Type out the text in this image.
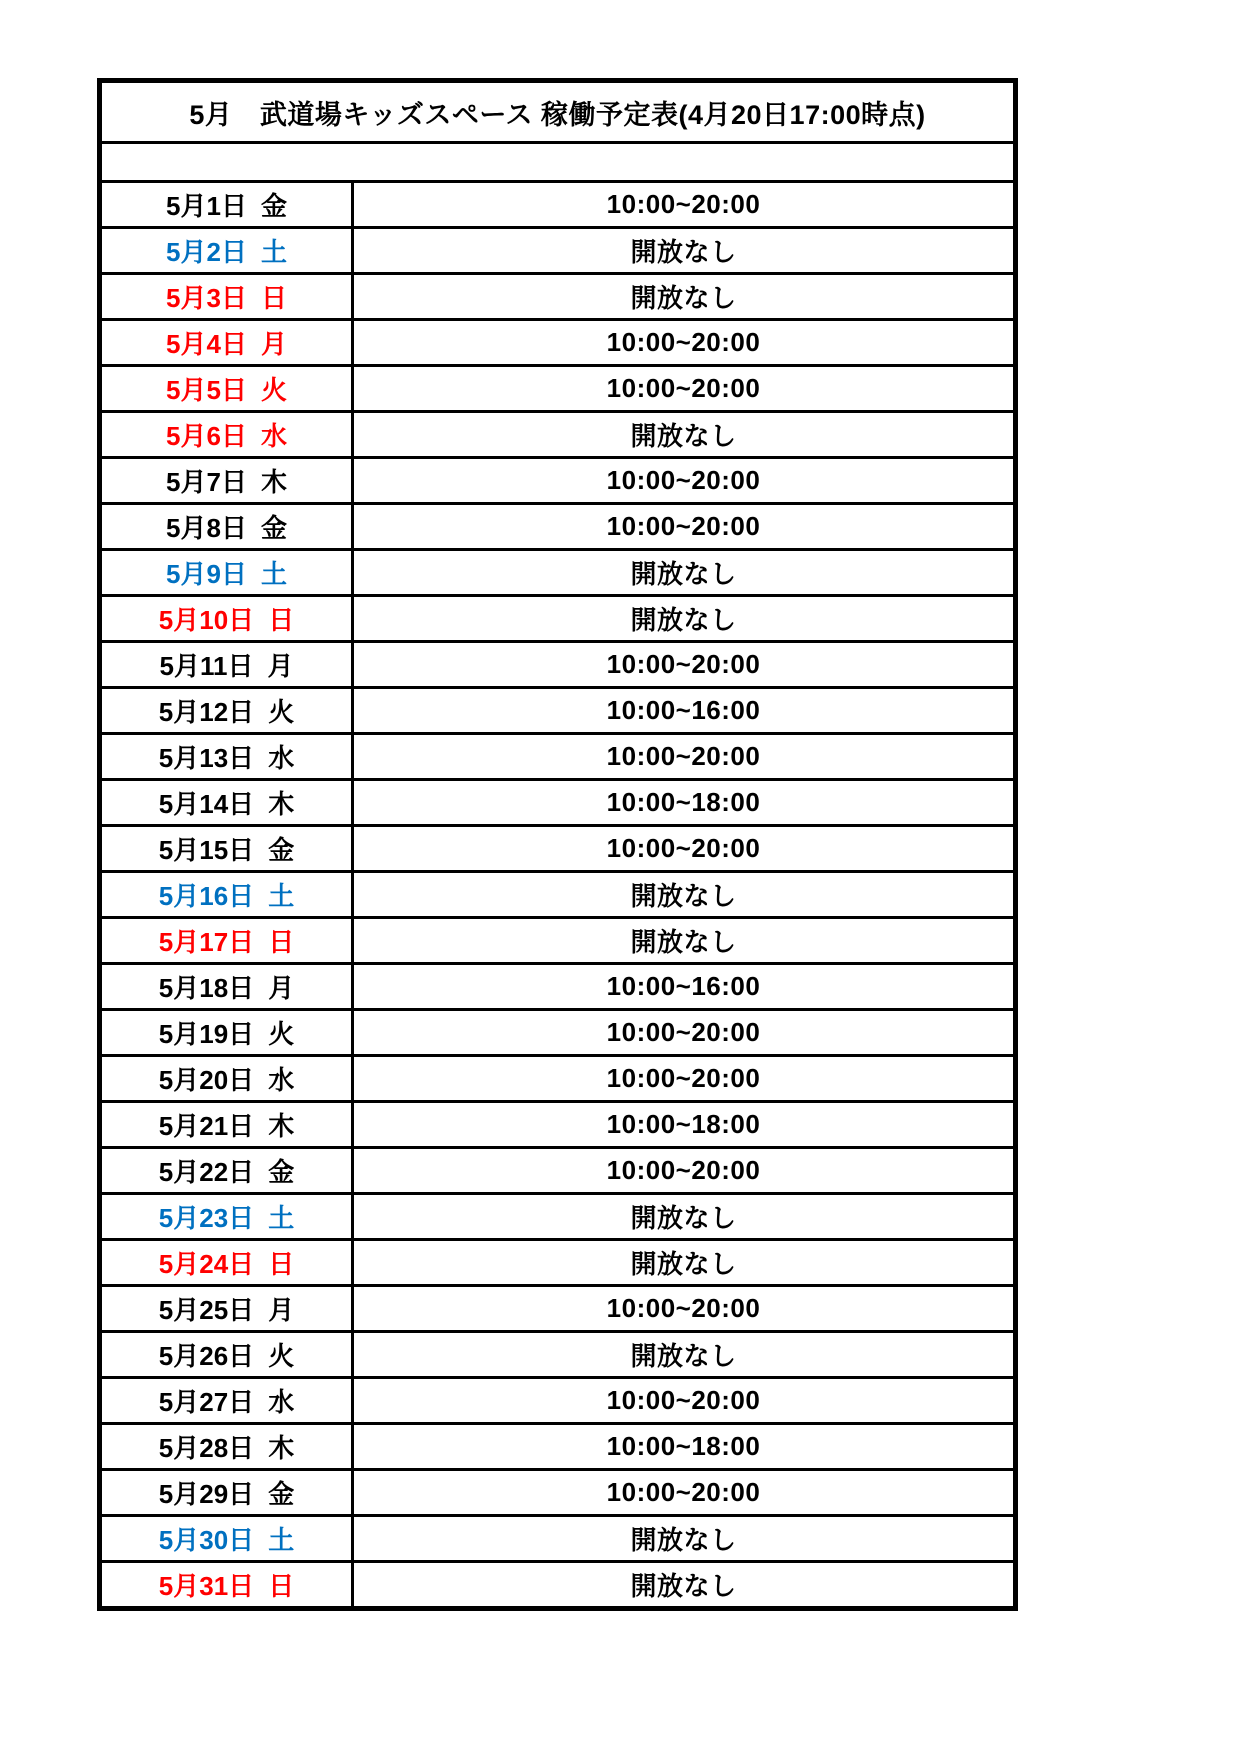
5月　武道場キッズスペース 稼働予定表(4月20日17:00時点)	

5月1日 金	10:00~20:00

5月2日 土	開放なし

5月3日 日	開放なし

5月4日 月	10:00~20:00

5月5日 火	10:00~20:00

5月6日 水	開放なし

5月7日 木	10:00~20:00

5月8日 金	10:00~20:00

5月9日 土	開放なし

5月10日 日	開放なし

5月11日 月	10:00~20:00

5月12日 火	10:00~16:00

5月13日 水	10:00~20:00

5月14日 木	10:00~18:00

5月15日 金	10:00~20:00

5月16日 土	開放なし

5月17日 日	開放なし

5月18日 月	10:00~16:00

5月19日 火	10:00~20:00

5月20日 水	10:00~20:00

5月21日 木	10:00~18:00

5月22日 金	10:00~20:00

5月23日 土	開放なし

5月24日 日	開放なし

5月25日 月	10:00~20:00

5月26日 火	開放なし

5月27日 水	10:00~20:00

5月28日 木	10:00~18:00

5月29日 金	10:00~20:00

5月30日 土	開放なし

5月31日 日	開放なし
